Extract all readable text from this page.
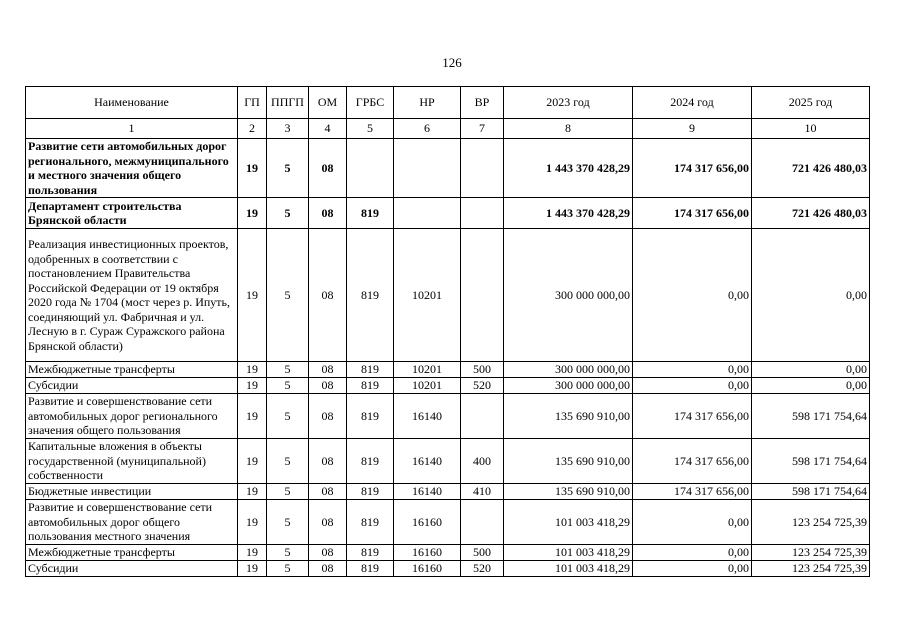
126
Наименование	ГП	ППГП	ОМ	ГРБС	НР	ВР	2023 год	2024 год	2025 год
1	2	3	4	5	6	7	8	9	10
Развитие сети автомобильных дорог регионального, межмуниципального и местного значения общего пользования	19	5	08				1 443 370 428,29	174 317 656,00	721 426 480,03
Департамент строительства Брянской области	19	5	08	819			1 443 370 428,29	174 317 656,00	721 426 480,03
Реализация инвестиционных проектов, одобренных в соответствии с постановлением Правительства Российской Федерации от 19 октября 2020 года № 1704 (мост через р. Ипуть, соединяющий ул. Фабричная и ул. Лесную в г. Сураж Суражского района Брянской области)	19	5	08	819	10201		300 000 000,00	0,00	0,00
Межбюджетные трансферты	19	5	08	819	10201	500	300 000 000,00	0,00	0,00
Субсидии	19	5	08	819	10201	520	300 000 000,00	0,00	0,00
Развитие и совершенствование сети автомобильных дорог регионального значения общего пользования	19	5	08	819	16140		135 690 910,00	174 317 656,00	598 171 754,64
Капитальные вложения в объекты государственной (муниципальной) собственности	19	5	08	819	16140	400	135 690 910,00	174 317 656,00	598 171 754,64
Бюджетные инвестиции	19	5	08	819	16140	410	135 690 910,00	174 317 656,00	598 171 754,64
Развитие и совершенствование сети автомобильных дорог общего пользования местного значения	19	5	08	819	16160		101 003 418,29	0,00	123 254 725,39
Межбюджетные трансферты	19	5	08	819	16160	500	101 003 418,29	0,00	123 254 725,39
Субсидии	19	5	08	819	16160	520	101 003 418,29	0,00	123 254 725,39
